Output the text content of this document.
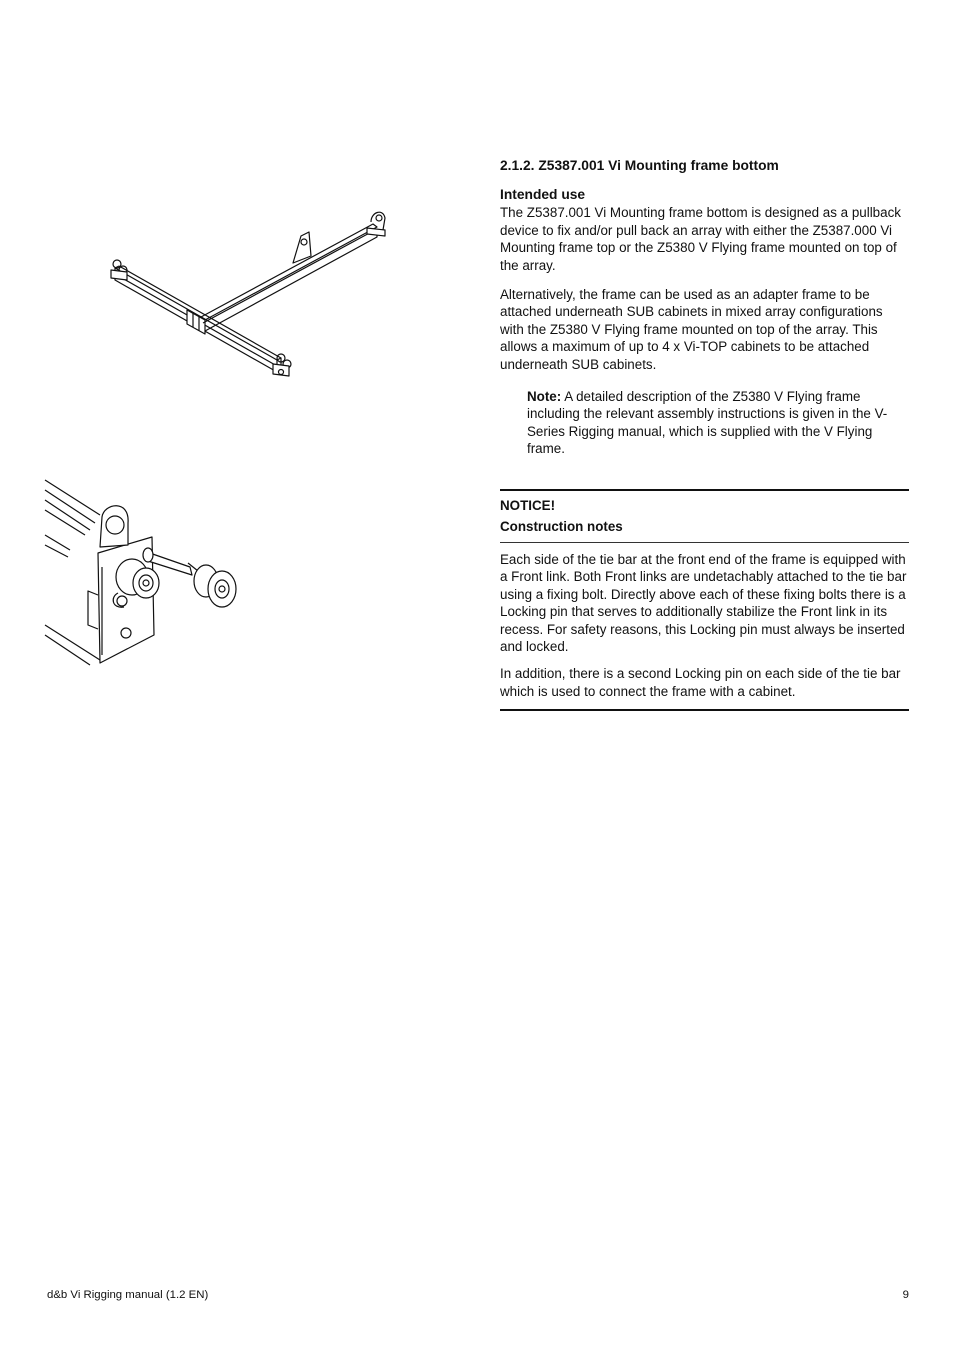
2.1.2. Z5387.001 Vi Mounting frame bottom
Intended use

The Z5387.001 Vi Mounting frame bottom is designed as a pullback device to fix and/or pull back an array with either the Z5387.000 Vi Mounting frame top or the Z5380 V Flying frame mounted on top of the array.

Alternatively, the frame can be used as an adapter frame to be attached underneath SUB cabinets in mixed array configurations with the Z5380 V Flying frame mounted on top of the array. This allows a maximum of up to 4 x Vi-TOP cabinets to be attached underneath SUB cabinets.

Note: A detailed description of the Z5380 V Flying frame including the relevant assembly instructions is given in the V-Series Rigging manual, which is supplied with the V Flying frame.
NOTICE!
Construction notes

Each side of the tie bar at the front end of the frame is equipped with a Front link. Both Front links are undetachably attached to the tie bar using a fixing bolt. Directly above each of these fixing bolts there is a Locking pin that serves to additionally stabilize the Front link in its recess. For safety reasons, this Locking pin must always be inserted and locked.

In addition, there is a second Locking pin on each side of the tie bar which is used to connect the frame with a cabinet.

d&b Vi Rigging manual (1.2 EN)	9
